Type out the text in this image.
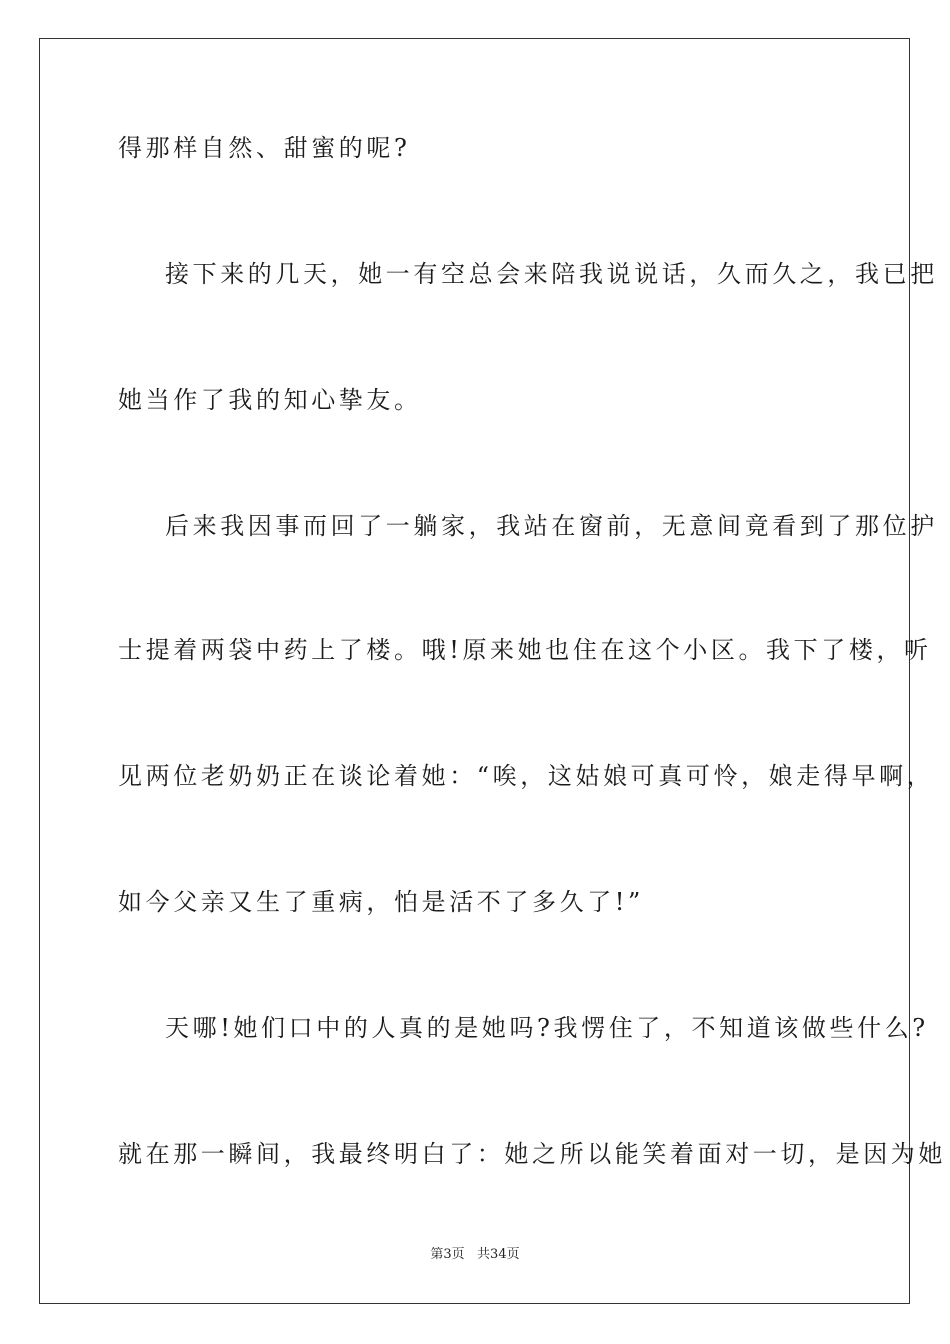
得那样自然、甜蜜的呢?
接下来的几天，她一有空总会来陪我说说话，久而久之，我已把
她当作了我的知心挚友。
后来我因事而回了一躺家，我站在窗前，无意间竟看到了那位护
士提着两袋中药上了楼。哦!原来她也住在这个小区。我下了楼，听
见两位老奶奶正在谈论着她：“唉，这姑娘可真可怜，娘走得早啊，
如今父亲又生了重病，怕是活不了多久了!”
天哪!她们口中的人真的是她吗?我愣住了，不知道该做些什么?
就在那一瞬间，我最终明白了：她之所以能笑着面对一切，是因为她
第3页   共34页
